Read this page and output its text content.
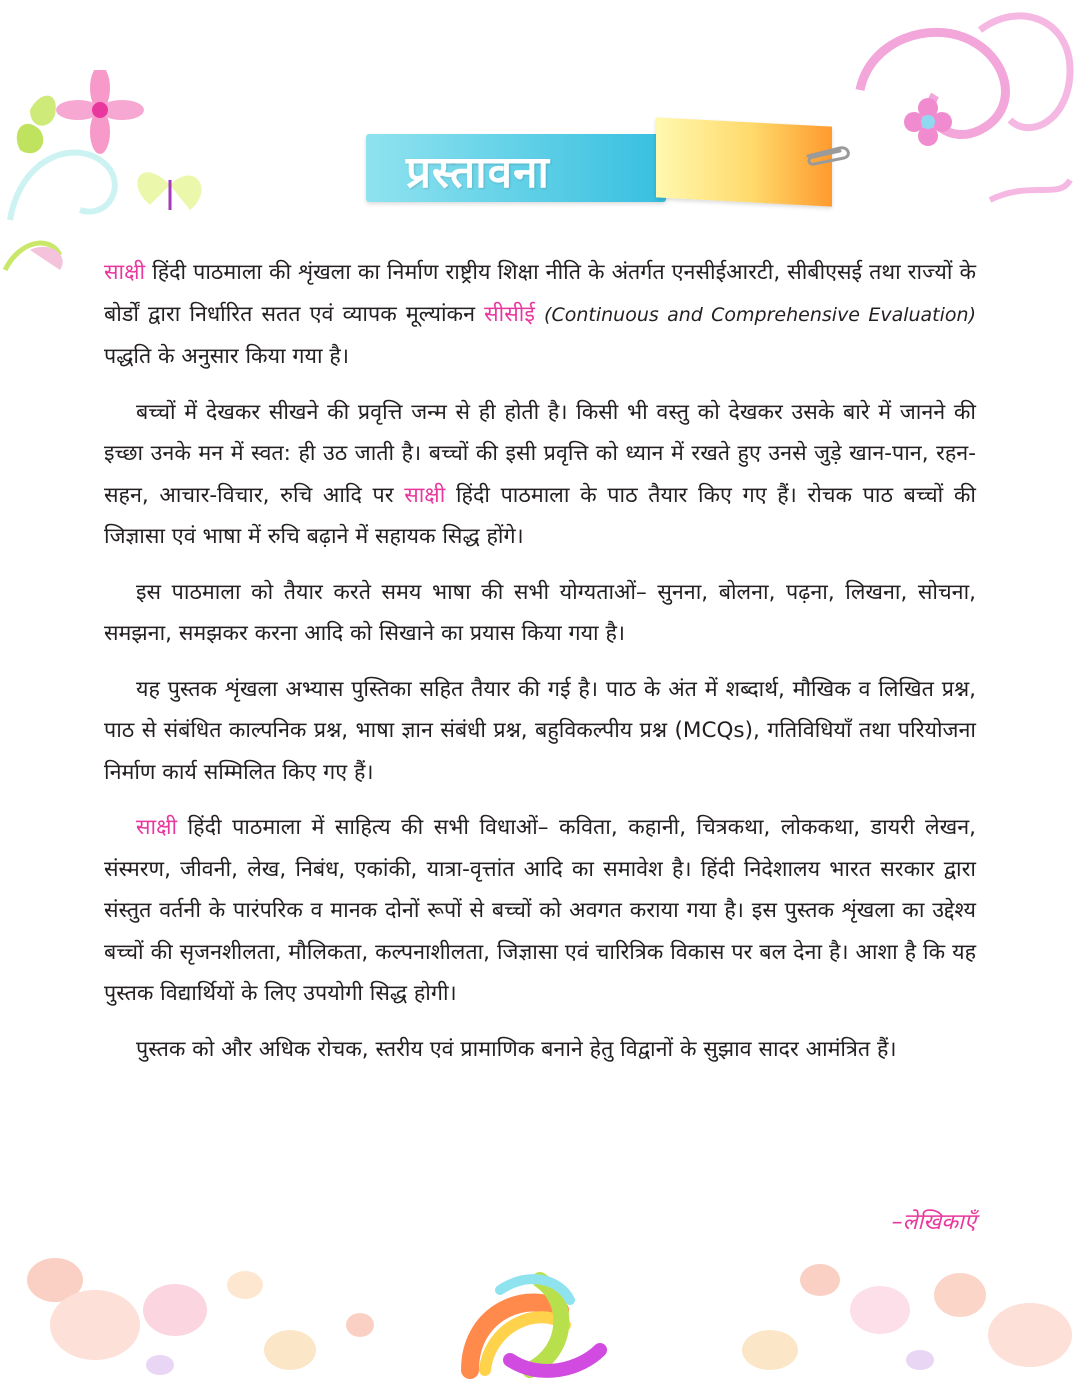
प्रस्तावना

साक्षी हिंदी पाठमाला की शृंखला का निर्माण राष्ट्रीय शिक्षा नीति के अंतर्गत एनसीईआरटी, सीबीएसई तथा राज्यों के बोर्डों द्वारा निर्धारित सतत एवं व्यापक मूल्यांकन सीसीई (Continuous and Comprehensive Evaluation) पद्धति के अनुसार किया गया है।

बच्चों में देखकर सीखने की प्रवृत्ति जन्म से ही होती है। किसी भी वस्तु को देखकर उसके बारे में जानने की इच्छा उनके मन में स्वत: ही उठ जाती है। बच्चों की इसी प्रवृत्ति को ध्यान में रखते हुए उनसे जुड़े खान-पान, रहन-सहन, आचार-विचार, रुचि आदि पर साक्षी हिंदी पाठमाला के पाठ तैयार किए गए हैं। रोचक पाठ बच्चों की जिज्ञासा एवं भाषा में रुचि बढ़ाने में सहायक सिद्ध होंगे।

इस पाठमाला को तैयार करते समय भाषा की सभी योग्यताओं– सुनना, बोलना, पढ़ना, लिखना, सोचना, समझना, समझकर करना आदि को सिखाने का प्रयास किया गया है।

यह पुस्तक शृंखला अभ्यास पुस्तिका सहित तैयार की गई है। पाठ के अंत में शब्दार्थ, मौखिक व लिखित प्रश्न, पाठ से संबंधित काल्पनिक प्रश्न, भाषा ज्ञान संबंधी प्रश्न, बहुविकल्पीय प्रश्न (MCQs), गतिविधियाँ तथा परियोजना निर्माण कार्य सम्मिलित किए गए हैं।

साक्षी हिंदी पाठमाला में साहित्य की सभी विधाओं– कविता, कहानी, चित्रकथा, लोककथा, डायरी लेखन, संस्मरण, जीवनी, लेख, निबंध, एकांकी, यात्रा-वृत्तांत आदि का समावेश है। हिंदी निदेशालय भारत सरकार द्वारा संस्तुत वर्तनी के पारंपरिक व मानक दोनों रूपों से बच्चों को अवगत कराया गया है। इस पुस्तक शृंखला का उद्देश्य बच्चों की सृजनशीलता, मौलिकता, कल्पनाशीलता, जिज्ञासा एवं चारित्रिक विकास पर बल देना है। आशा है कि यह पुस्तक विद्यार्थियों के लिए उपयोगी सिद्ध होगी।

पुस्तक को और अधिक रोचक, स्तरीय एवं प्रामाणिक बनाने हेतु विद्वानों के सुझाव सादर आमंत्रित हैं।

–लेखिकाएँ
